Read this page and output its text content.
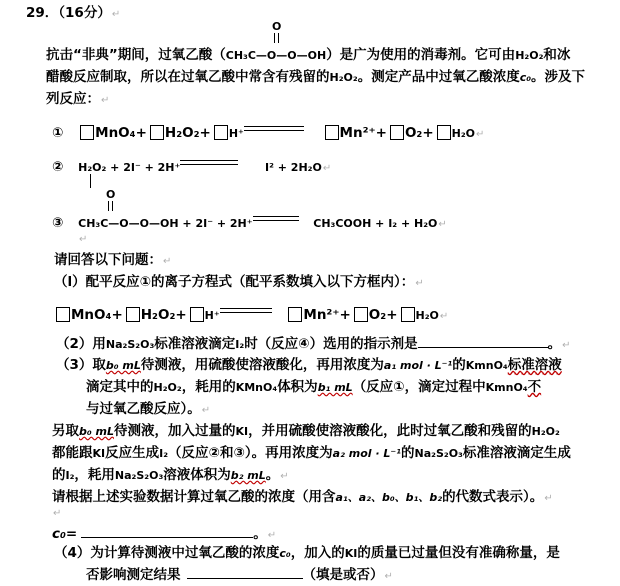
29．（16分）↵
O
抗击“非典”期间，过氧乙酸（CH₃C—O—O—OH）是广为使用的消毒剂。它可由H₂O₂和冰
醋酸反应制取，所以在过氧乙酸中常含有残留的H₂O₂。测定产品中过氧乙酸浓度c₀。涉及下
列反应：↵
① MnO₄+ H₂O₂+ H⁺	Mn²⁺+ O₂+ H₂O↵
② H₂O₂ + 2I⁻ + 2H⁺	I² + 2H₂O↵
O
③ CH₃C—O—O—OH + 2I⁻ + 2H⁺	CH₃COOH + I₂ + H₂O↵
↵
请回答以下问题：↵
（l）配平反应①的离子方程式（配平系数填入以下方框内）：↵
MnO₄+ H₂O₂+ H⁺	Mn²⁺+ O₂+ H₂O↵
（2）用Na₂S₂O₃标准溶液滴定I₂时（反应④）选用的指示剂是	。↵
（3）取b₀ mL待测液，用硫酸使溶液酸化，再用浓度为a₁ mol · L⁻¹的KmnO₄标准溶液
滴定其中的H₂O₂，耗用的KMnO₄体积为b₁ mL（反应①，滴定过程中KmnO₄不
与过氧乙酸反应）。↵
另取b₀ mL待测液，加入过量的KI，并用硫酸使溶液酸化，此时过氧乙酸和残留的H₂O₂
都能跟KI反应生成I₂（反应②和③）。再用浓度为a₂ mol · L⁻¹的Na₂S₂O₃标准溶液滴定生成
的I₂，耗用Na₂S₂O₃溶液体积为b₂ mL。↵
请根据上述实验数据计算过氧乙酸的浓度（用含a₁、a₂、b₀、b₁、b₂的代数式表示）。↵
↵
c₀=	。↵
（4）为计算待测液中过氧乙酸的浓度c₀，加入的KI的质量已过量但没有准确称量，是
否影响测定结果	（填是或否）↵
